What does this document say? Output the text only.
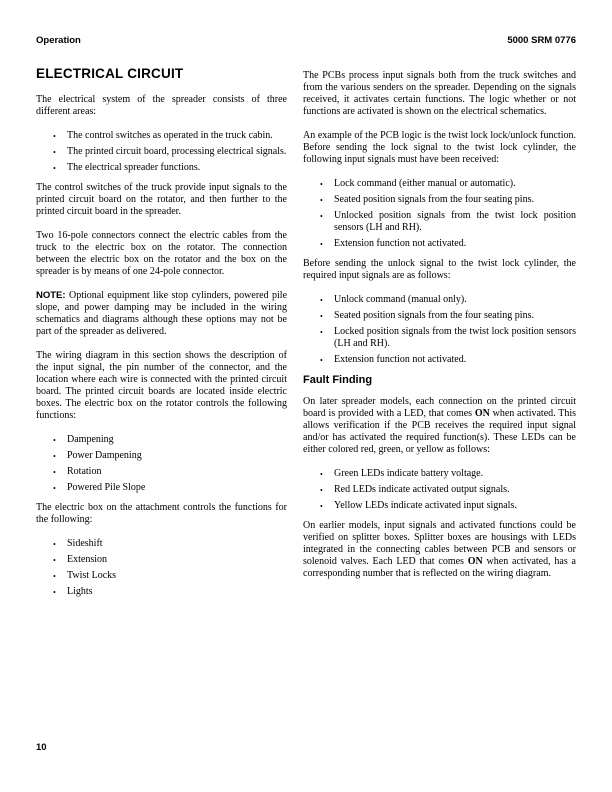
Operation	5000 SRM 0776
ELECTRICAL CIRCUIT

The electrical system of the spreader consists of three different areas:

• The control switches as operated in the truck cabin.
• The printed circuit board, processing electrical signals.
• The electrical spreader functions.

The control switches of the truck provide input signals to the printed circuit board on the rotator, and then further to the printed circuit board in the spreader.

Two 16-pole connectors connect the electric cables from the truck to the electric box on the rotator. The connection between the electric box on the rotator and the box on the spreader is by means of one 24-pole connector.

NOTE: Optional equipment like stop cylinders, powered pile slope, and power damping may be included in the wiring schematics and diagrams although these options may not be part of the spreader as delivered.

The wiring diagram in this section shows the description of the input signal, the pin number of the connector, and the location where each wire is connected with the printed circuit board. The printed circuit boards are located inside electric boxes. The electric box on the rotator controls the following functions:

• Dampening
• Power Dampening
• Rotation
• Powered Pile Slope

The electric box on the attachment controls the functions for the following:

• Sideshift
• Extension
• Twist Locks
• Lights

The PCBs process input signals both from the truck switches and from the various senders on the spreader. Depending on the signals received, it activates certain functions. The logic whether or not functions are activated is shown on the electrical schematics.

An example of the PCB logic is the twist lock lock/unlock function. Before sending the lock signal to the twist lock cylinder, the following input signals must have been received:

• Lock command (either manual or automatic).
• Seated position signals from the four seating pins.
• Unlocked position signals from the twist lock position sensors (LH and RH).
• Extension function not activated.

Before sending the unlock signal to the twist lock cylinder, the required input signals are as follows:

• Unlock command (manual only).
• Seated position signals from the four seating pins.
• Locked position signals from the twist lock position sensors (LH and RH).
• Extension function not activated.
Fault Finding

On later spreader models, each connection on the printed circuit board is provided with a LED, that comes ON when activated. This allows verification if the PCB receives the required input signal and/or has activated the required function(s). These LEDs can be either colored red, green, or yellow as follows:

• Green LEDs indicate battery voltage.
• Red LEDs indicate activated output signals.
• Yellow LEDs indicate activated input signals.

On earlier models, input signals and activated functions could be verified on splitter boxes. Splitter boxes are housings with LEDs integrated in the connecting cables between PCB and sensors or solenoid valves. Each LED that comes ON when activated, has a corresponding number that is reflected on the wiring diagram.

10
